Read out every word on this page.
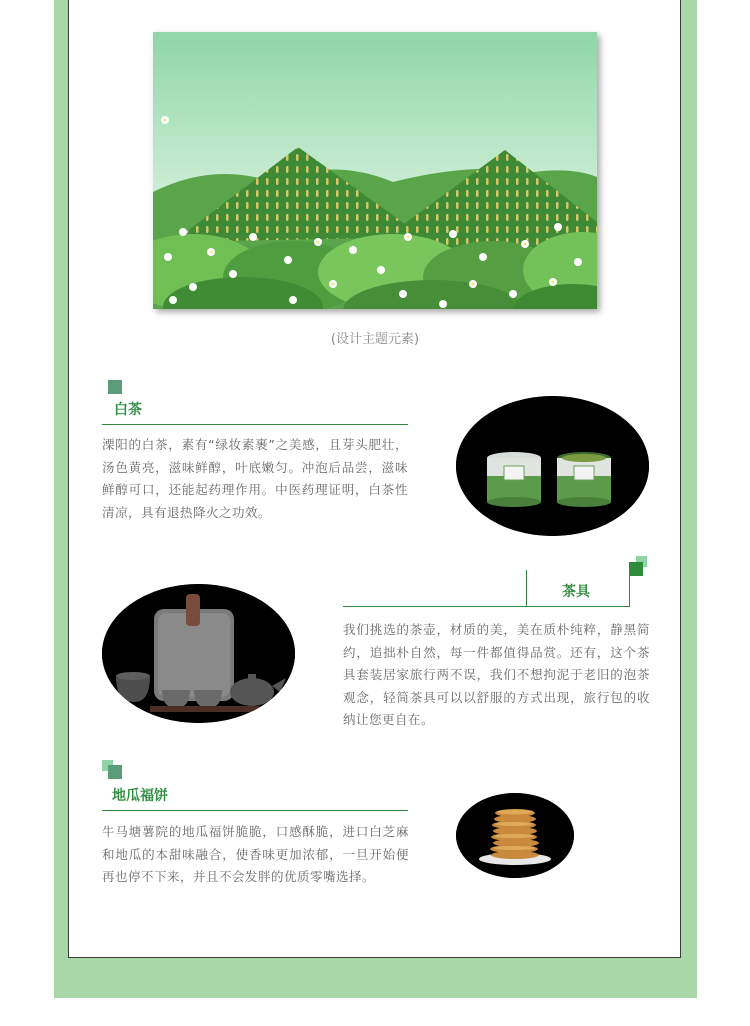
(设计主题元素)
白茶

溧阳的白茶，素有“绿妆素裹”之美感，且芽头肥壮，汤色黄亮，滋味鲜醇，叶底嫩匀。冲泡后品尝，滋味鲜醇可口，还能起药理作用。中医药理证明，白茶性清凉，具有退热降火之功效。

茶具

我们挑选的茶壶，材质的美，美在质朴纯粹，静黑简约，追拙朴自然，每一件都值得品赏。还有，这个茶具套装居家旅行两不误，我们不想拘泥于老旧的泡茶观念，轻简茶具可以以舒服的方式出现，旅行包的收纳让您更自在。

地瓜福饼

牛马塘薯院的地瓜福饼脆脆，口感酥脆，进口白芝麻和地瓜的本甜味融合，使香味更加浓郁，一旦开始便再也停不下来，并且不会发胖的优质零嘴选择。
